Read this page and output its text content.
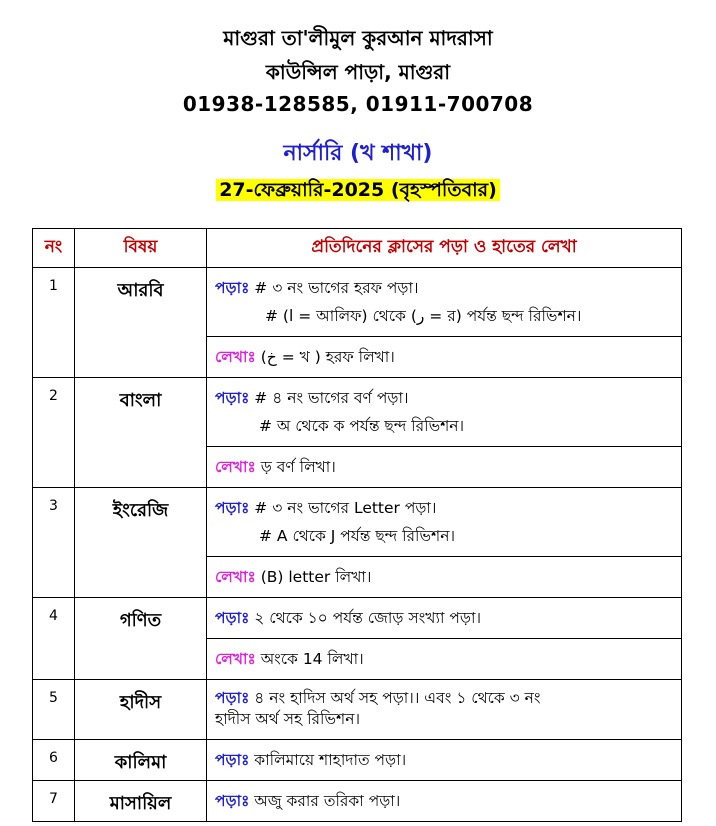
মাগুরা তা'লীমুল কুরআন মাদরাসা
কাউন্সিল পাড়া, মাগুরা
01938-128585, 01911-700708
নার্সারি (খ শাখা)
27-ফেব্রুয়ারি-2025 (বৃহস্পতিবার)
নং	বিষয়	প্রতিদিনের ক্লাসের পড়া ও হাতের লেখা
1	আরবি	পড়াঃ # ৩ নং ভাগের হরফ পড়া।
# (ا = আলিফ) থেকে (ر = র) পর্যন্ত ছন্দ রিভিশন।

		লেখাঃ (خ = খ ) হরফ লিখা।
2	বাংলা	পড়াঃ # ৪ নং ভাগের বর্ণ পড়া।
# অ থেকে ক পর্যন্ত ছন্দ রিভিশন।

		লেখাঃ ড় বর্ণ লিখা।
3	ইংরেজি	পড়াঃ # ৩ নং ভাগের Letter পড়া।
# A থেকে J পর্যন্ত ছন্দ রিভিশন।

		লেখাঃ (B) letter লিখা।
4	গণিত	পড়াঃ ২ থেকে ১০ পর্যন্ত জোড় সংখ্যা পড়া।
		লেখাঃ অংকে 14 লিখা।
5	হাদীস	পড়াঃ ৪ নং হাদিস অর্থ সহ পড়া।। এবং ১ থেকে ৩ নং
হাদীস অর্থ সহ রিভিশন।

6	কালিমা	পড়াঃ কালিমায়ে শাহাদাত পড়া।
7	মাসায়িল	পড়াঃ অজু করার তরিকা পড়া।
